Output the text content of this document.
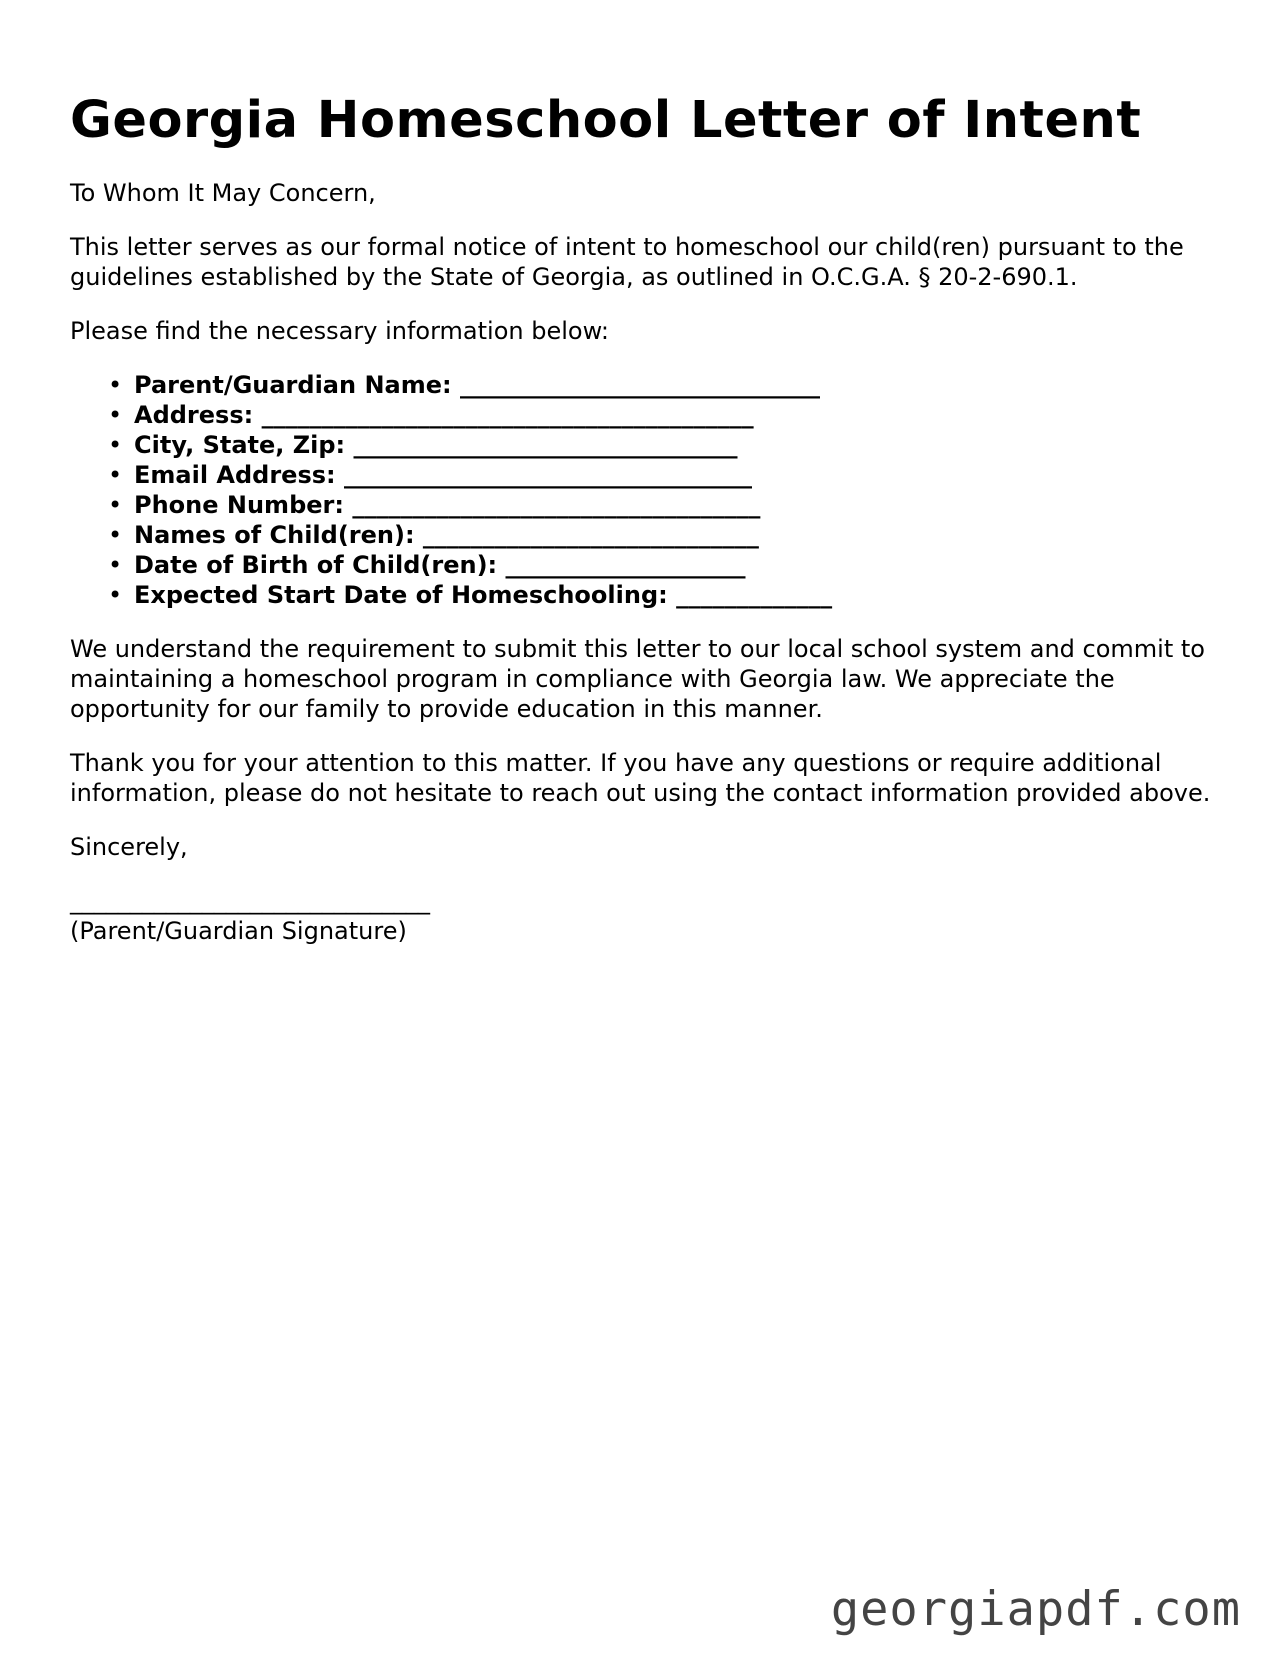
Georgia Homeschool Letter of Intent

To Whom It May Concern,

This letter serves as our formal notice of intent to homeschool our child(ren) pursuant to the guidelines established by the State of Georgia, as outlined in O.C.G.A. § 20-2-690.1.

Please find the necessary information below:

• Parent/Guardian Name: ______________________________
• Address: _________________________________________
• City, State, Zip: ________________________________
• Email Address: __________________________________
• Phone Number: __________________________________
• Names of Child(ren): ____________________________
• Date of Birth of Child(ren): ____________________
• Expected Start Date of Homeschooling: _____________

We understand the requirement to submit this letter to our local school system and commit to maintaining a homeschool program in compliance with Georgia law. We appreciate the opportunity for our family to provide education in this manner.

Thank you for your attention to this matter. If you have any questions or require additional information, please do not hesitate to reach out using the contact information provided above.

Sincerely,

______________________________
(Parent/Guardian Signature)
georgiapdf.com
